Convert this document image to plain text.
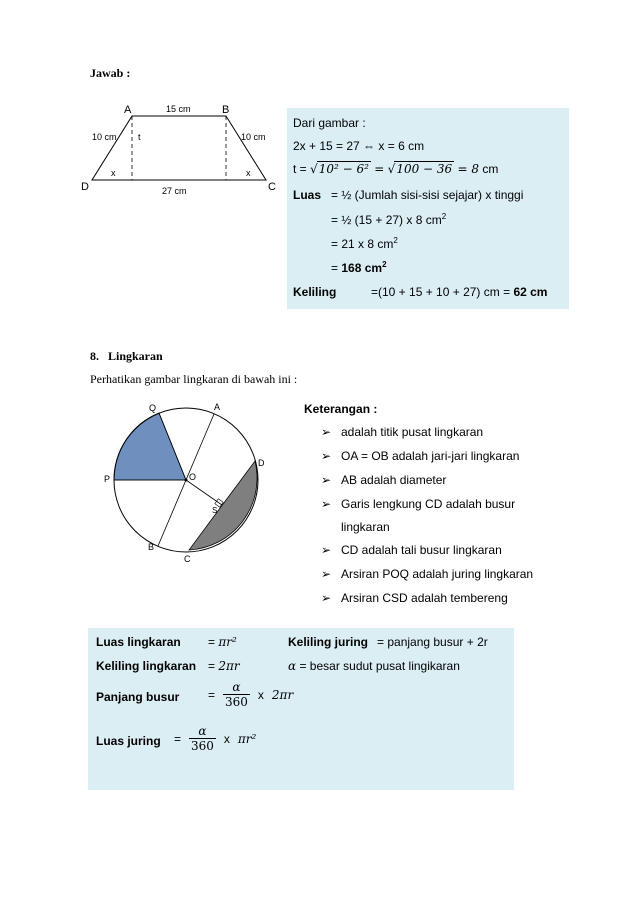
Jawab :
A	B
C
D
15 cm
27 cm
10 cm	10 cm
t
x	x
Dari gambar :
2x + 15 = 27 ⇔ x = 6 cm
t = √10² − 6² = √100 − 36 = 8 cm
Luas = ½ (Jumlah sisi-sisi sejajar) x tinggi
= ½ (15 + 27) x 8 $cm^2$
= 21 x 8 $cm^2$
= 168 $cm^2$
Keliling	=(10 + 15 + 10 + 27) cm = 62 cm
8.   Lingkaran
Perhatikan gambar lingkaran di bawah ini :
Q	A
D
P	O
S
B
C
Keterangan :
➢ adalah titik pusat lingkaran
➢ OA = OB adalah jari-jari lingkaran
➢ AB adalah diameter
➢ Garis lengkung CD adalah busur
lingkaran
➢ CD adalah tali busur lingkaran
➢ Arsiran POQ adalah juring lingkaran
➢ Arsiran CSD adalah tembereng
Luas lingkaran = πr²	Keliling juring = panjang busur + 2r
Keliling lingkaran = 2πr	α = besar sudut pusat lingikaran
Panjang busur = $\frac{\alpha}{360}$ x 2πr
Luas juring = $\frac{\alpha}{360}$ x πr²
